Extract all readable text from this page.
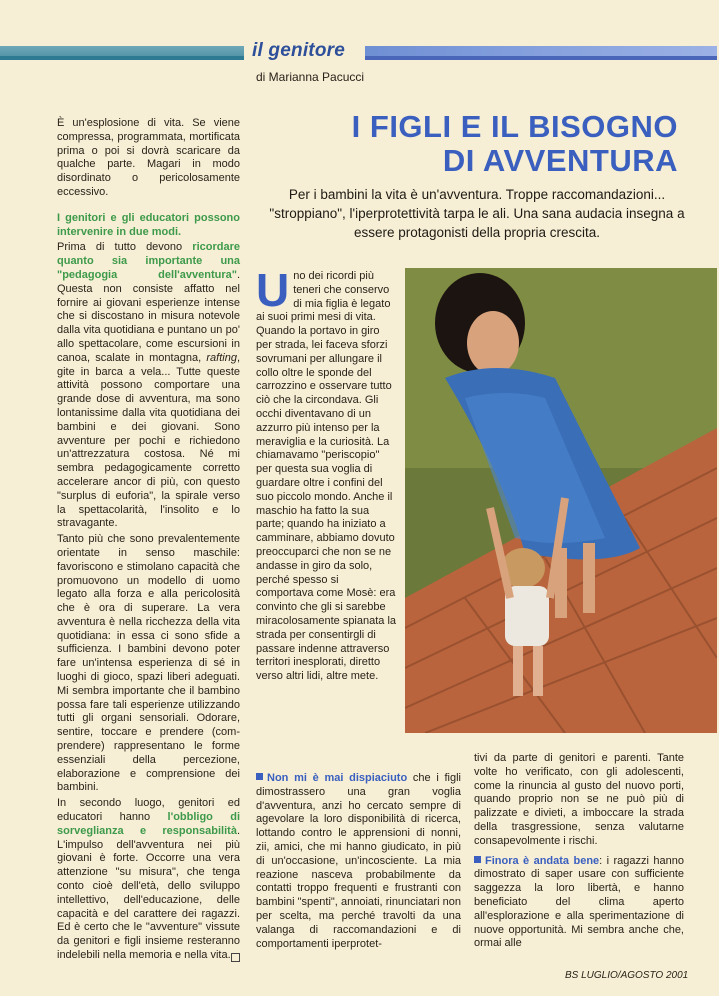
il genitore
di Marianna Pacucci
I FIGLI E IL BISOGNO
DI AVVENTURA
Per i bambini la vita è un'avventura. Troppe raccomandazioni... "stroppiano", l'iperprotettività tarpa le ali. Una sana audacia insegna a essere protagonisti della propria crescita.

È un'esplosione di vita. Se viene compressa, programmata, mortificata prima o poi si dovrà scaricare da qualche parte. Magari in modo disordinato o pericolosamente eccessivo.

I genitori e gli educatori possono intervenire in due modi.

Prima di tutto devono ricordare quanto sia importante una "pedagogia dell'avventura". Questa non consiste affatto nel fornire ai giovani esperienze intense che si discostano in misura notevole dalla vita quotidiana e puntano un po' allo spettacolare, come escursioni in canoa, scalate in montagna, rafting, gite in barca a vela... Tutte queste attività possono comportare una grande dose di avventura, ma sono lontanissime dalla vita quotidiana dei bambini e dei giovani. Sono avventure per pochi e richiedono un'attrezzatura costosa. Né mi sembra pedagogicamente corretto accelerare ancor di più, con questo "surplus di euforia", la spirale verso la spettacolarità, l'insolito e lo stravagante.

Tanto più che sono prevalentemente orientate in senso maschile: favoriscono e stimolano capacità che promuovono un modello di uomo legato alla forza e alla pericolosità che è ora di superare. La vera avventura è nella ricchezza della vita quotidiana: in essa ci sono sfide a sufficienza. I bambini devono poter fare un'intensa esperienza di sé in luoghi di gioco, spazi liberi adeguati. Mi sembra importante che il bambino possa fare tali esperienze utilizzando tutti gli organi sensoriali. Odorare, sentire, toccare e prendere (com-prendere) rappresentano le forme essenziali della percezione, elaborazione e comprensione dei bambini.

In secondo luogo, genitori ed educatori hanno l'obbligo di sorveglianza e responsabilità. L'impulso dell'avventura nei più giovani è forte. Occorre una vera attenzione "su misura", che tenga conto cioè dell'età, dello sviluppo intellettivo, dell'educazione, delle capacità e del carattere dei ragazzi. Ed è certo che le "avventure" vissute da genitori e figli insieme resteranno indelebili nella memoria e nella vita.

Uno dei ricordi più teneri che conservo di mia figlia è legato ai suoi primi mesi di vita. Quando la portavo in giro per strada, lei faceva sforzi sovrumani per allungare il collo oltre le sponde del carrozzino e osservare tutto ciò che la circondava. Gli occhi diventavano di un azzurro più intenso per la meraviglia e la curiosità. La chiamavamo "periscopio" per questa sua voglia di guardare oltre i confini del suo piccolo mondo. Anche il maschio ha fatto la sua parte; quando ha iniziato a camminare, abbiamo dovuto preoccuparci che non se ne andasse in giro da solo, perché spesso si comportava come Mosè: era convinto che gli si sarebbe miracolosamente spianata la strada per consentirgli di passare indenne attraverso territori inesplorati, diretto verso altri lidi, altre mete.

Non mi è mai dispiaciuto che i figli dimostrassero una gran voglia d'avventura, anzi ho cercato sempre di agevolare la loro disponibilità di ricerca, lottando contro le apprensioni di nonni, zii, amici, che mi hanno giudicato, in più di un'occasione, un'incosciente. La mia reazione nasceva probabilmente da contatti troppo frequenti e frustranti con bambini "spenti", annoiati, rinunciatari non per scelta, ma perché travolti da una valanga di raccomandazioni e di comportamenti iperprotet-

tivi da parte di genitori e parenti. Tante volte ho verificato, con gli adolescenti, come la rinuncia al gusto del nuovo porti, quando proprio non se ne può più di palizzate e divieti, a imboccare la strada della trasgressione, senza valutarne consapevolmente i rischi.

Finora è andata bene: i ragazzi hanno dimostrato di saper usare con sufficiente saggezza la loro libertà, e hanno beneficiato del clima aperto all'esplorazione e alla sperimentazione di nuove opportunità. Mi sembra anche che, ormai alle

BS LUGLIO/AGOSTO 2001
